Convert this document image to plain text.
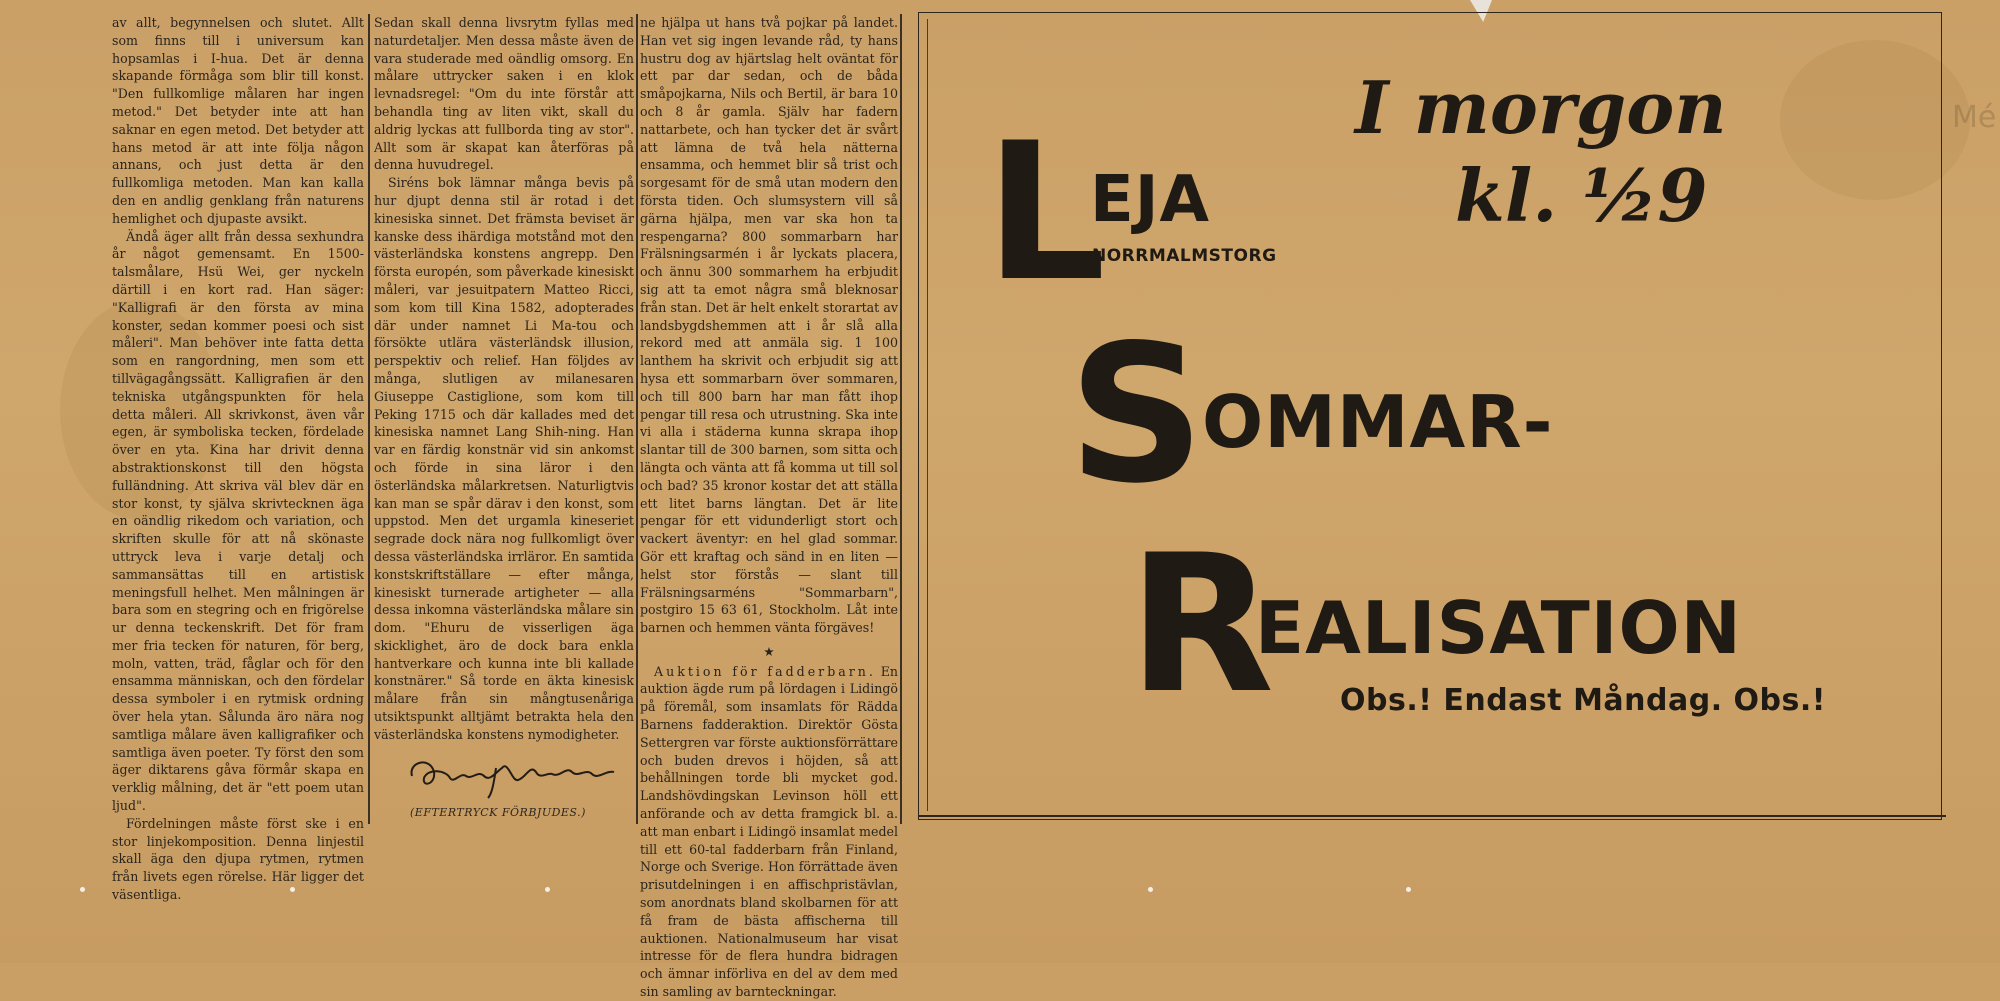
Mé

av allt, begynnelsen och slutet. Allt som finns till i universum kan hopsamlas i I-hua. Det är denna skapande förmåga som blir till konst. "Den fullkomlige målaren har ingen metod." Det betyder inte att han saknar en egen metod. Det betyder att hans metod är att inte följa någon annans, och just detta är den fullkomliga metoden. Man kan kalla den en andlig genklang från naturens hemlighet och djupaste avsikt.

Ändå äger allt från dessa sexhundra år något gemensamt. En 1500-talsmålare, Hsü Wei, ger nyckeln därtill i en kort rad. Han säger: "Kalligrafi är den första av mina konster, sedan kommer poesi och sist måleri". Man behöver inte fatta detta som en rangordning, men som ett tillvägagångssätt. Kalligrafien är den tekniska utgångspunkten för hela detta måleri. All skrivkonst, även vår egen, är symboliska tecken, fördelade över en yta. Kina har drivit denna abstraktionskonst till den högsta fulländning. Att skriva väl blev där en stor konst, ty själva skrivtecknen äga en oändlig rikedom och variation, och skriften skulle för att nå skönaste uttryck leva i varje detalj och sammansättas till en artistisk meningsfull helhet. Men målningen är bara som en stegring och en frigörelse ur denna teckenskrift. Det för fram mer fria tecken för naturen, för berg, moln, vatten, träd, fåglar och för den ensamma människan, och den fördelar dessa symboler i en rytmisk ordning över hela ytan. Sålunda äro nära nog samtliga målare även kalligrafiker och samtliga även poeter. Ty först den som äger diktarens gåva förmår skapa en verklig målning, det är "ett poem utan ljud".

Fördelningen måste först ske i en stor linjekomposition. Denna linjestil skall äga den djupa rytmen, rytmen från livets egen rörelse. Här ligger det väsentliga.

Sedan skall denna livsrytm fyllas med naturdetaljer. Men dessa måste även de vara studerade med oändlig omsorg. En målare uttrycker saken i en klok levnadsregel: "Om du inte förstår att behandla ting av liten vikt, skall du aldrig lyckas att fullborda ting av stor". Allt som är skapat kan återföras på denna huvudregel.

Siréns bok lämnar många bevis på hur djupt denna stil är rotad i det kinesiska sinnet. Det främsta beviset är kanske dess ihärdiga motstånd mot den västerländska konstens angrepp. Den första europén, som påverkade kinesiskt måleri, var jesuitpatern Matteo Ricci, som kom till Kina 1582, adopterades där under namnet Li Ma-tou och försökte utlära västerländsk illusion, perspektiv och relief. Han följdes av många, slutligen av milanesaren Giuseppe Castiglione, som kom till Peking 1715 och där kallades med det kinesiska namnet Lang Shih-ning. Han var en färdig konstnär vid sin ankomst och förde in sina läror i den österländska målarkretsen. Naturligtvis kan man se spår därav i den konst, som uppstod. Men det urgamla kineseriet segrade dock nära nog fullkomligt över dessa västerländska irrläror. En samtida konstskriftställare — efter många, kinesiskt turnerade artigheter — alla dessa inkomna västerländska målare sin dom. "Ehuru de visserligen äga skicklighet, äro de dock bara enkla hantverkare och kunna inte bli kallade konstnärer." Så torde en äkta kinesisk målare från sin mångtusenåriga utsiktspunkt alltjämt betrakta hela den västerländska konstens nymodigheter.

(EFTERTRYCK FÖRBJUDES.)

ne hjälpa ut hans två pojkar på landet. Han vet sig ingen levande råd, ty hans hustru dog av hjärtslag helt oväntat för ett par dar sedan, och de båda småpojkarna, Nils och Bertil, är bara 10 och 8 år gamla. Själv har fadern nattarbete, och han tycker det är svårt att lämna de två hela nätterna ensamma, och hemmet blir så trist och sorgesamt för de små utan modern den första tiden. Och slumsystern vill så gärna hjälpa, men var ska hon ta respengarna? 800 sommarbarn har Frälsningsarmén i år lyckats placera, och ännu 300 sommarhem ha erbjudit sig att ta emot några små bleknosar från stan. Det är helt enkelt storartat av landsbygdshemmen att i år slå alla rekord med att anmäla sig. 1 100 lanthem ha skrivit och erbjudit sig att hysa ett sommarbarn över sommaren, och till 800 barn har man fått ihop pengar till resa och utrustning. Ska inte vi alla i städerna kunna skrapa ihop slantar till de 300 barnen, som sitta och längta och vänta att få komma ut till sol och bad? 35 kronor kostar det att ställa ett litet barns längtan. Det är lite pengar för ett vidunderligt stort och vackert äventyr: en hel glad sommar. Gör ett kraftag och sänd in en liten — helst stor förstås — slant till Frälsningsarméns "Sommarbarn", postgiro 15 63 61, Stockholm. Låt inte barnen och hemmen vänta förgäves!

★

Auktion för fadderbarn. En auktion ägde rum på lördagen i Lidingö på föremål, som insamlats för Rädda Barnens fadderaktion. Direktör Gösta Settergren var förste auktionsförrättare och buden drevos i höjden, så att behållningen torde bli mycket god. Landshövdingskan Levinson höll ett anförande och av detta framgick bl. a. att man enbart i Lidingö insamlat medel till ett 60-tal fadderbarn från Finland, Norge och Sverige. Hon förrättade även prisutdelningen i en affischpristävlan, som anordnats bland skolbarnen för att få fram de bästa affischerna till auktionen. Nationalmuseum har visat intresse för de flera hundra bidragen och ämnar införliva en del av dem med sin samling av barnteckningar.

L
EJA
NORRMALMSTORG
I morgon
kl. ½9
S
OMMAR-
R
EALISATION
Obs.! Endast Måndag. Obs.!
